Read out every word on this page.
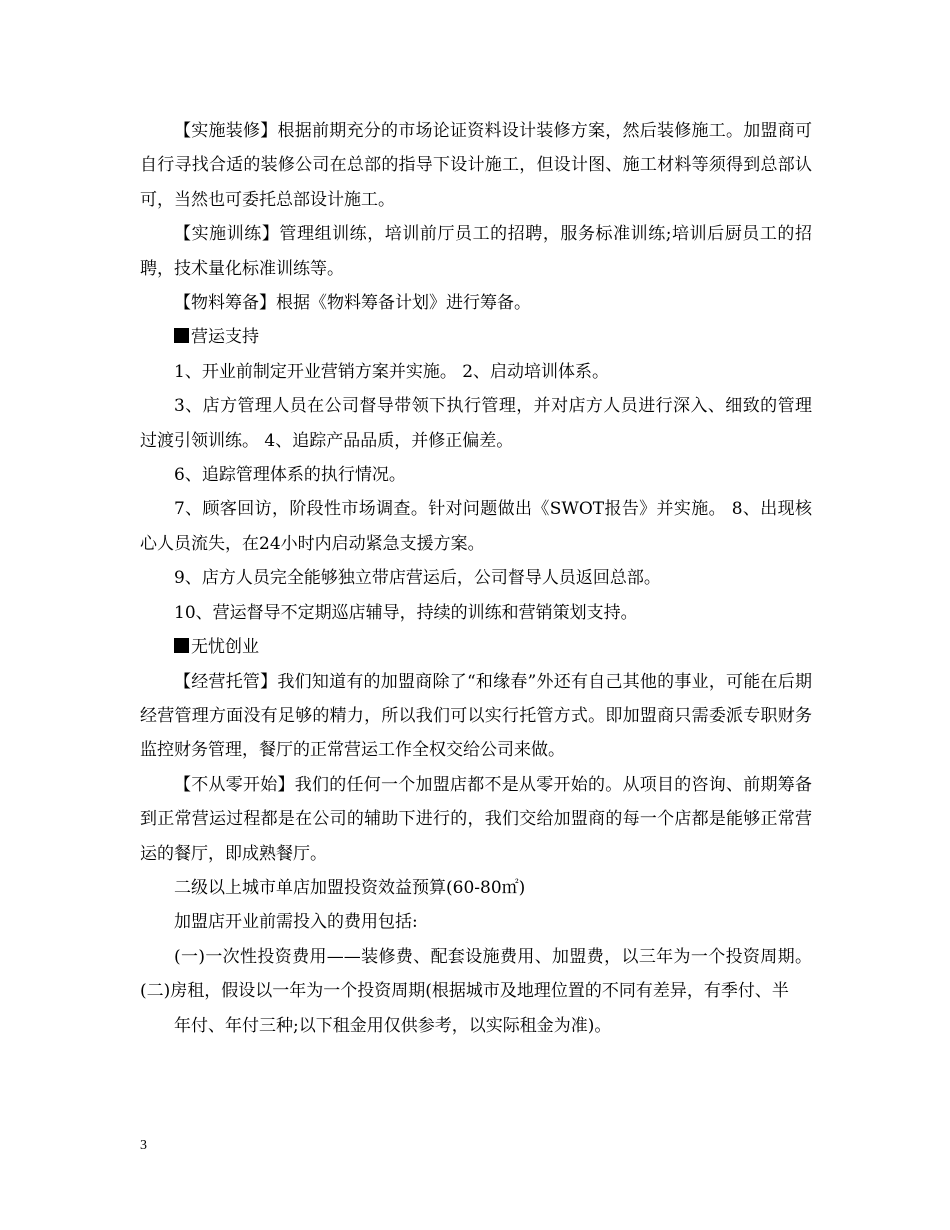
【实施装修】根据前期充分的市场论证资料设计装修方案，然后装修施工。加盟商可自行寻找合适的装修公司在总部的指导下设计施工，但设计图、施工材料等须得到总部认可，当然也可委托总部设计施工。

【实施训练】管理组训练，培训前厅员工的招聘，服务标准训练;培训后厨员工的招聘，技术量化标准训练等。

【物料筹备】根据《物料筹备计划》进行筹备。

营运支持

1、开业前制定开业营销方案并实施。 2、启动培训体系。

3、店方管理人员在公司督导带领下执行管理，并对店方人员进行深入、细致的管理过渡引领训练。 4、追踪产品品质，并修正偏差。

6、追踪管理体系的执行情况。

7、顾客回访，阶段性市场调查。针对问题做出《SWOT报告》并实施。 8、出现核心人员流失，在24小时内启动紧急支援方案。

9、店方人员完全能够独立带店营运后，公司督导人员返回总部。

10、营运督导不定期巡店辅导，持续的训练和营销策划支持。

无忧创业

【经营托管】我们知道有的加盟商除了“和缘春”外还有自己其他的事业，可能在后期经营管理方面没有足够的精力，所以我们可以实行托管方式。即加盟商只需委派专职财务监控财务管理，餐厅的正常营运工作全权交给公司来做。

【不从零开始】我们的任何一个加盟店都不是从零开始的。从项目的咨询、前期筹备到正常营运过程都是在公司的辅助下进行的，我们交给加盟商的每一个店都是能够正常营运的餐厅，即成熟餐厅。

二级以上城市单店加盟投资效益预算(60-80㎡)

加盟店开业前需投入的费用包括:

(一)一次性投资费用——装修费、配套设施费用、加盟费，以三年为一个投资周期。 (二)房租，假设以一年为一个投资周期(根据城市及地理位置的不同有差异，有季付、半

年付、年付三种;以下租金用仅供参考，以实际租金为准)。

3
